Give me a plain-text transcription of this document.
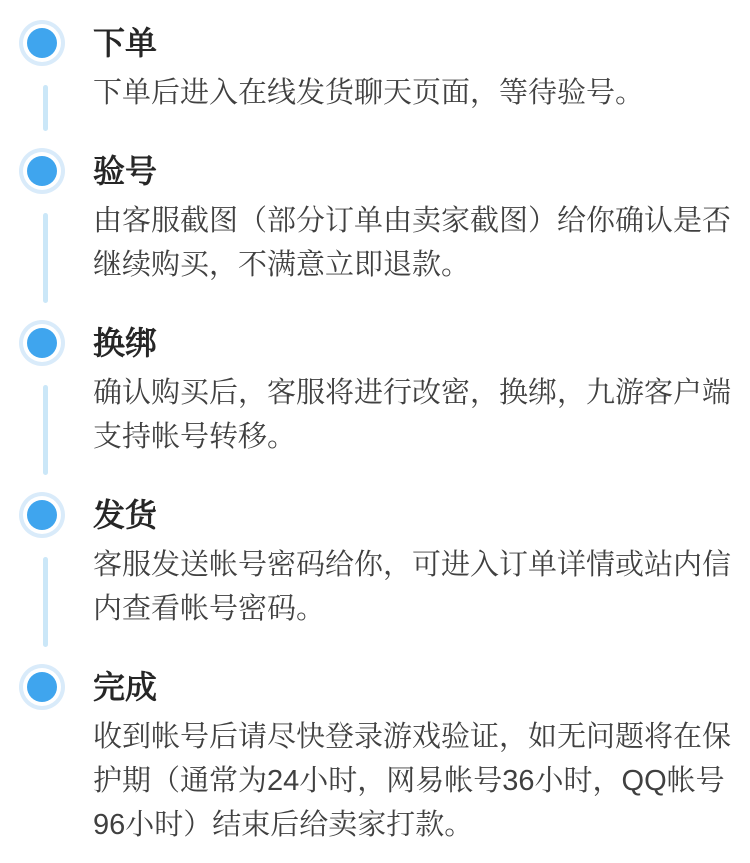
下单

下单后进入在线发货聊天页面，等待验号。

验号

由客服截图（部分订单由卖家截图）给你确认是否继续购买，不满意立即退款。

换绑

确认购买后，客服将进行改密，换绑，九游客户端支持帐号转移。

发货

客服发送帐号密码给你，可进入订单详情或站内信内查看帐号密码。

完成

收到帐号后请尽快登录游戏验证，如无问题将在保护期（通常为24小时，网易帐号36小时，QQ帐号96小时）结束后给卖家打款。
